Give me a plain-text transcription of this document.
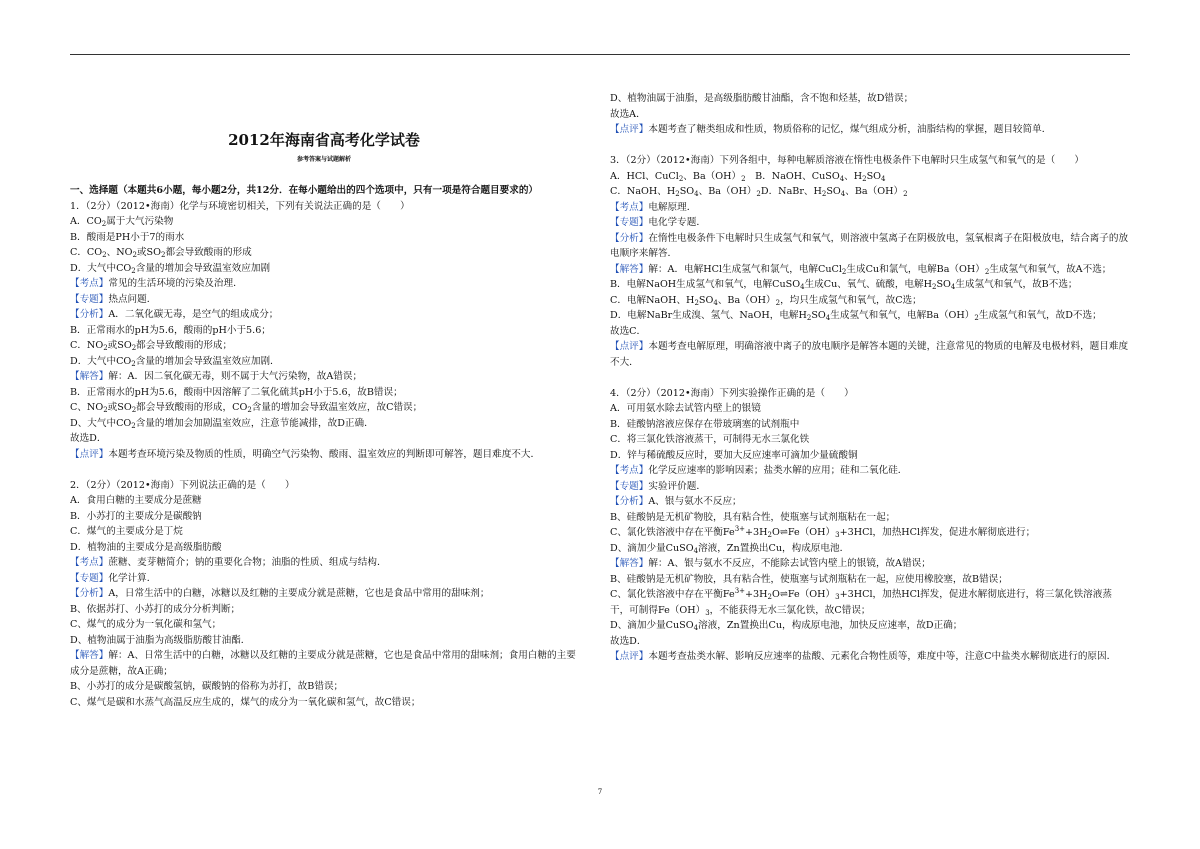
2012年海南省高考化学试卷
参考答案与试题解析
一、选择题（本题共6小题，每小题2分，共12分．在每小题给出的四个选项中，只有一项是符合题目要求的）
1．（2分）（2012•海南）化学与环境密切相关，下列有关说法正确的是（　　）
A．$CO_2$属于大气污染物
B．酸雨是PH小于7的雨水
C．$CO_2$、$NO_2$或$SO_2$都会导致酸雨的形成
D．大气中$CO_2$含量的增加会导致温室效应加剧
【考点】常见的生活环境的污染及治理．
【专题】热点问题．
【分析】A．二氧化碳无毒，是空气的组成成分；
B．正常雨水的pH为5.6，酸雨的pH小于5.6；
C．$NO_2$或$SO_2$都会导致酸雨的形成；
D．大气中$CO_2$含量的增加会导致温室效应加剧．
【解答】解：A．因二氧化碳无毒，则不属于大气污染物，故A错误；
B．正常雨水的pH为5.6，酸雨中因溶解了二氧化硫其pH小于5.6，故B错误；
C、$NO_2$或$SO_2$都会导致酸雨的形成，$CO_2$含量的增加会导致温室效应，故C错误；
D、大气中$CO_2$含量的增加会加剧温室效应，注意节能减排，故D正确．
故选D．
【点评】本题考查环境污染及物质的性质，明确空气污染物、酸雨、温室效应的判断即可解答，题目难度不大．
2．（2分）（2012•海南）下列说法正确的是（　　）
A．食用白糖的主要成分是蔗糖
B．小苏打的主要成分是碳酸钠
C．煤气的主要成分是丁烷
D．植物油的主要成分是高级脂肪酸
【考点】蔗糖、麦芽糖简介；钠的重要化合物；油脂的性质、组成与结构．
【专题】化学计算．
【分析】A，日常生活中的白糖，冰糖以及红糖的主要成分就是蔗糖，它也是食品中常用的甜味剂；
B、依据苏打、小苏打的成分分析判断；
C、煤气的成分为一氧化碳和氢气；
D、植物油属于油脂为高级脂肪酸甘油酯．
【解答】解：A、日常生活中的白糖，冰糖以及红糖的主要成分就是蔗糖，它也是食品中常用的甜味剂；食用白糖的主要成分是蔗糖，故A正确；
B、小苏打的成分是碳酸氢钠，碳酸钠的俗称为苏打，故B错误；
C、煤气是碳和水蒸气高温反应生成的，煤气的成分为一氧化碳和氢气，故C错误；
D、植物油属于油脂，是高级脂肪酸甘油酯，含不饱和烃基，故D错误；
故选A．
【点评】本题考查了糖类组成和性质，物质俗称的记忆，煤气组成分析，油脂结构的掌握，题目较简单．
3．（2分）（2012•海南）下列各组中，每种电解质溶液在惰性电极条件下电解时只生成氢气和氧气的是（　　）
A．HCl、CuCl$_2$、$Ba(OH)_2$　B．NaOH、CuSO$_4$、$H_2SO_4$
C．NaOH、$H_2SO_4$、$Ba(OH)_2D$．NaBr、$H_2SO_4$、$Ba(OH)_2$
【考点】电解原理．
【专题】电化学专题．
【分析】在惰性电极条件下电解时只生成氢气和氧气，则溶液中氢离子在阴极放电，氢氧根离子在阳极放电，结合离子的放电顺序来解答．
【解答】解：A．电解HCl生成氢气和氯气，电解CuCl$_2$生成Cu和氯气，电解$Ba(OH)_2$生成氢气和氧气，故A不选；
B．电解NaOH生成氢气和氧气，电解CuSO$_4$生成Cu、氧气、硫酸，电解$H_2SO_4$生成氢气和氧气，故B不选；
C．电解NaOH、$H_2SO_4$、$Ba(OH)_2$，均只生成氢气和氧气，故C选；
D．电解NaBr生成溴、氢气、NaOH，电解$H_2SO_4$生成氢气和氧气，电解$Ba(OH)_2$生成氢气和氧气，故D不选；
故选C．
【点评】本题考查电解原理，明确溶液中离子的放电顺序是解答本题的关键，注意常见的物质的电解及电极材料，题目难度不大．
4．（2分）（2012•海南）下列实验操作正确的是（　　）
A．可用氨水除去试管内壁上的银镜
B．硅酸钠溶液应保存在带玻璃塞的试剂瓶中
C．将三氯化铁溶液蒸干，可制得无水三氯化铁
D．锌与稀硫酸反应时，要加大反应速率可滴加少量硫酸铜
【考点】化学反应速率的影响因素；盐类水解的应用；硅和二氧化硅．
【专题】实验评价题．
【分析】A、银与氨水不反应；
B、硅酸钠是无机矿物胶，具有粘合性，使瓶塞与试剂瓶粘在一起；
C、氯化铁溶液中存在平衡$Fe^{3+}+3H_2O\rightleftharpoons Fe(OH)_3+3HCl$，加热HCl挥发，促进水解彻底进行；
D、滴加少量CuSO$_4$溶液，Zn置换出Cu，构成原电池．
【解答】解：A、银与氨水不反应，不能除去试管内壁上的银镜，故A错误；
B、硅酸钠是无机矿物胶，具有粘合性，使瓶塞与试剂瓶粘在一起，应使用橡胶塞，故B错误；
C、氯化铁溶液中存在平衡$Fe^{3+}+3H_2O\rightleftharpoons Fe(OH)_3+3HCl$，加热HCl挥发，促进水解彻底进行，将三氯化铁溶液蒸干，可制得$Fe(OH)_3$，不能获得无水三氯化铁，故C错误；
D、滴加少量CuSO$_4$溶液，Zn置换出Cu，构成原电池，加快反应速率，故D正确；
故选D．
【点评】本题考查盐类水解、影响反应速率的盐酸、元素化合物性质等，难度中等，注意C中盐类水解彻底进行的原因．
7
